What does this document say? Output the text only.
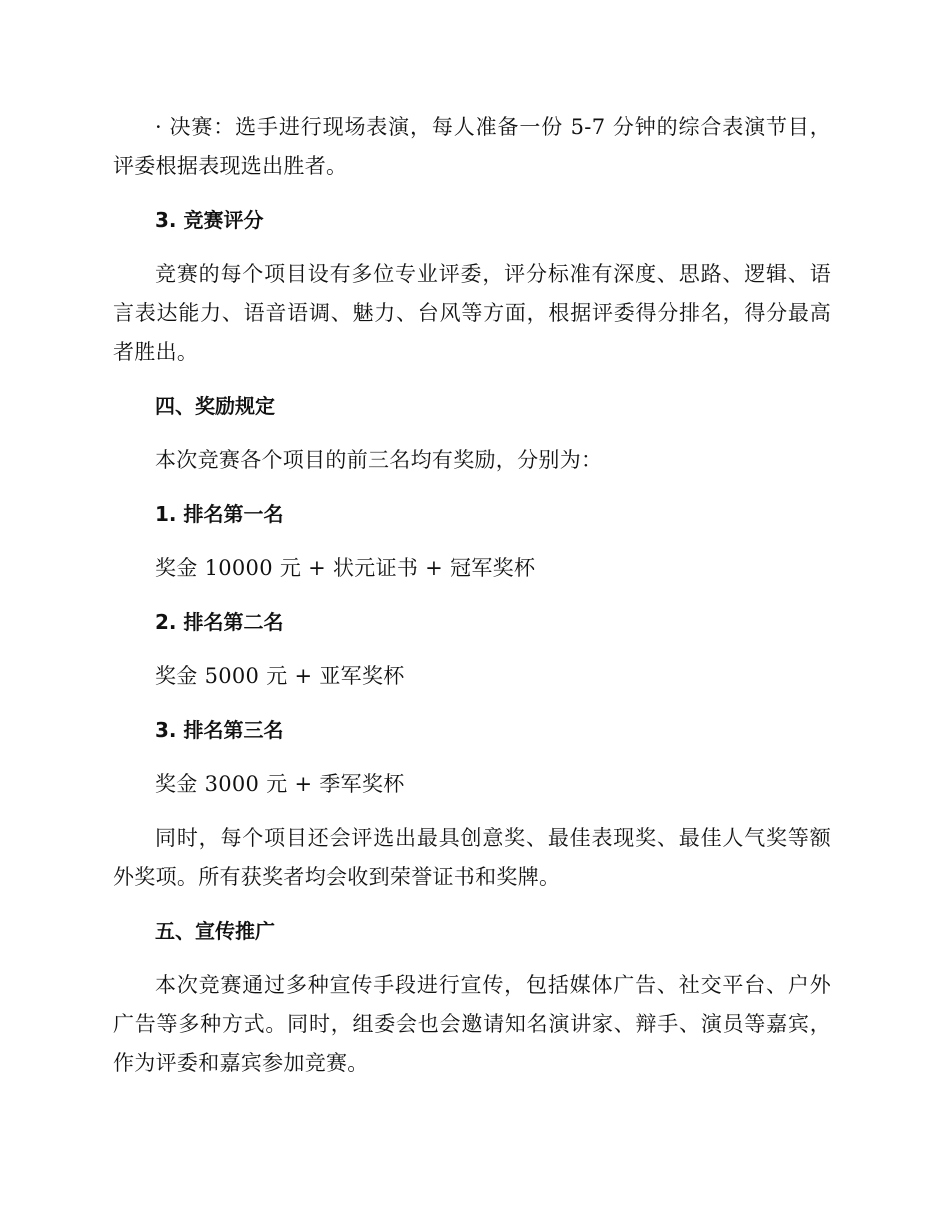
· 决赛：选手进行现场表演，每人准备一份 5-7 分钟的综合表演节目，评委根据表现选出胜者。

3. 竞赛评分

竞赛的每个项目设有多位专业评委，评分标准有深度、思路、逻辑、语言表达能力、语音语调、魅力、台风等方面，根据评委得分排名，得分最高者胜出。

四、奖励规定

本次竞赛各个项目的前三名均有奖励，分别为：

1. 排名第一名

奖金 10000 元 + 状元证书 + 冠军奖杯

2. 排名第二名

奖金 5000 元 + 亚军奖杯

3. 排名第三名

奖金 3000 元 + 季军奖杯

同时，每个项目还会评选出最具创意奖、最佳表现奖、最佳人气奖等额外奖项。所有获奖者均会收到荣誉证书和奖牌。

五、宣传推广

本次竞赛通过多种宣传手段进行宣传，包括媒体广告、社交平台、户外广告等多种方式。同时，组委会也会邀请知名演讲家、辩手、演员等嘉宾，作为评委和嘉宾参加竞赛。
